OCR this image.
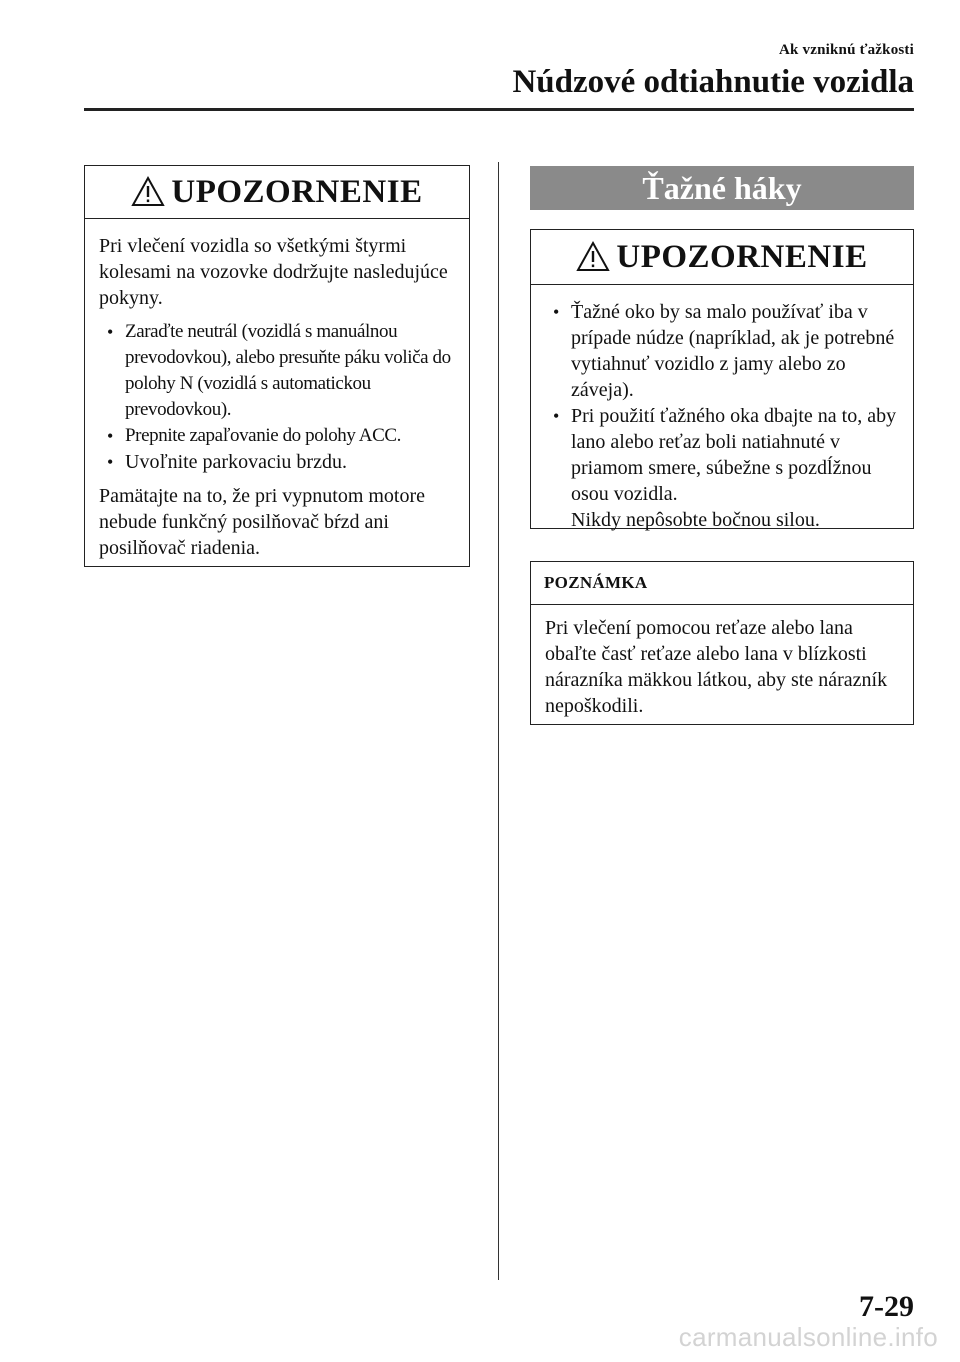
Ak vzniknú ťažkosti
Núdzové odtiahnutie vozidla
UPOZORNENIE

Pri vlečení vozidla so všetkými štyrmi kolesami na vozovke dodržujte nasledujúce pokyny.

• Zaraďte neutrál (vozidlá s manuálnou prevodovkou), alebo presuňte páku voliča do polohy N (vozidlá s automatickou prevodovkou).
• Prepnite zapaľovanie do polohy ACC.
• Uvoľnite parkovaciu brzdu.

Pamätajte na to, že pri vypnutom motore nebude funkčný posilňovač bŕzd ani posilňovač riadenia.

Ťažné háky
UPOZORNENIE
• Ťažné oko by sa malo používať iba v prípade núdze (napríklad, ak je potrebné vytiahnuť vozidlo z jamy alebo zo záveja).
• Pri použití ťažného oka dbajte na to, aby lano alebo reťaz boli natiahnuté v priamom smere, súbežne s pozdĺžnou osou vozidla.
Nikdy nepôsobte bočnou silou.
POZNÁMKA

Pri vlečení pomocou reťaze alebo lana obaľte časť reťaze alebo lana v blízkosti nárazníka mäkkou látkou, aby ste nárazník nepoškodili.

7-29
carmanualsonline.info
